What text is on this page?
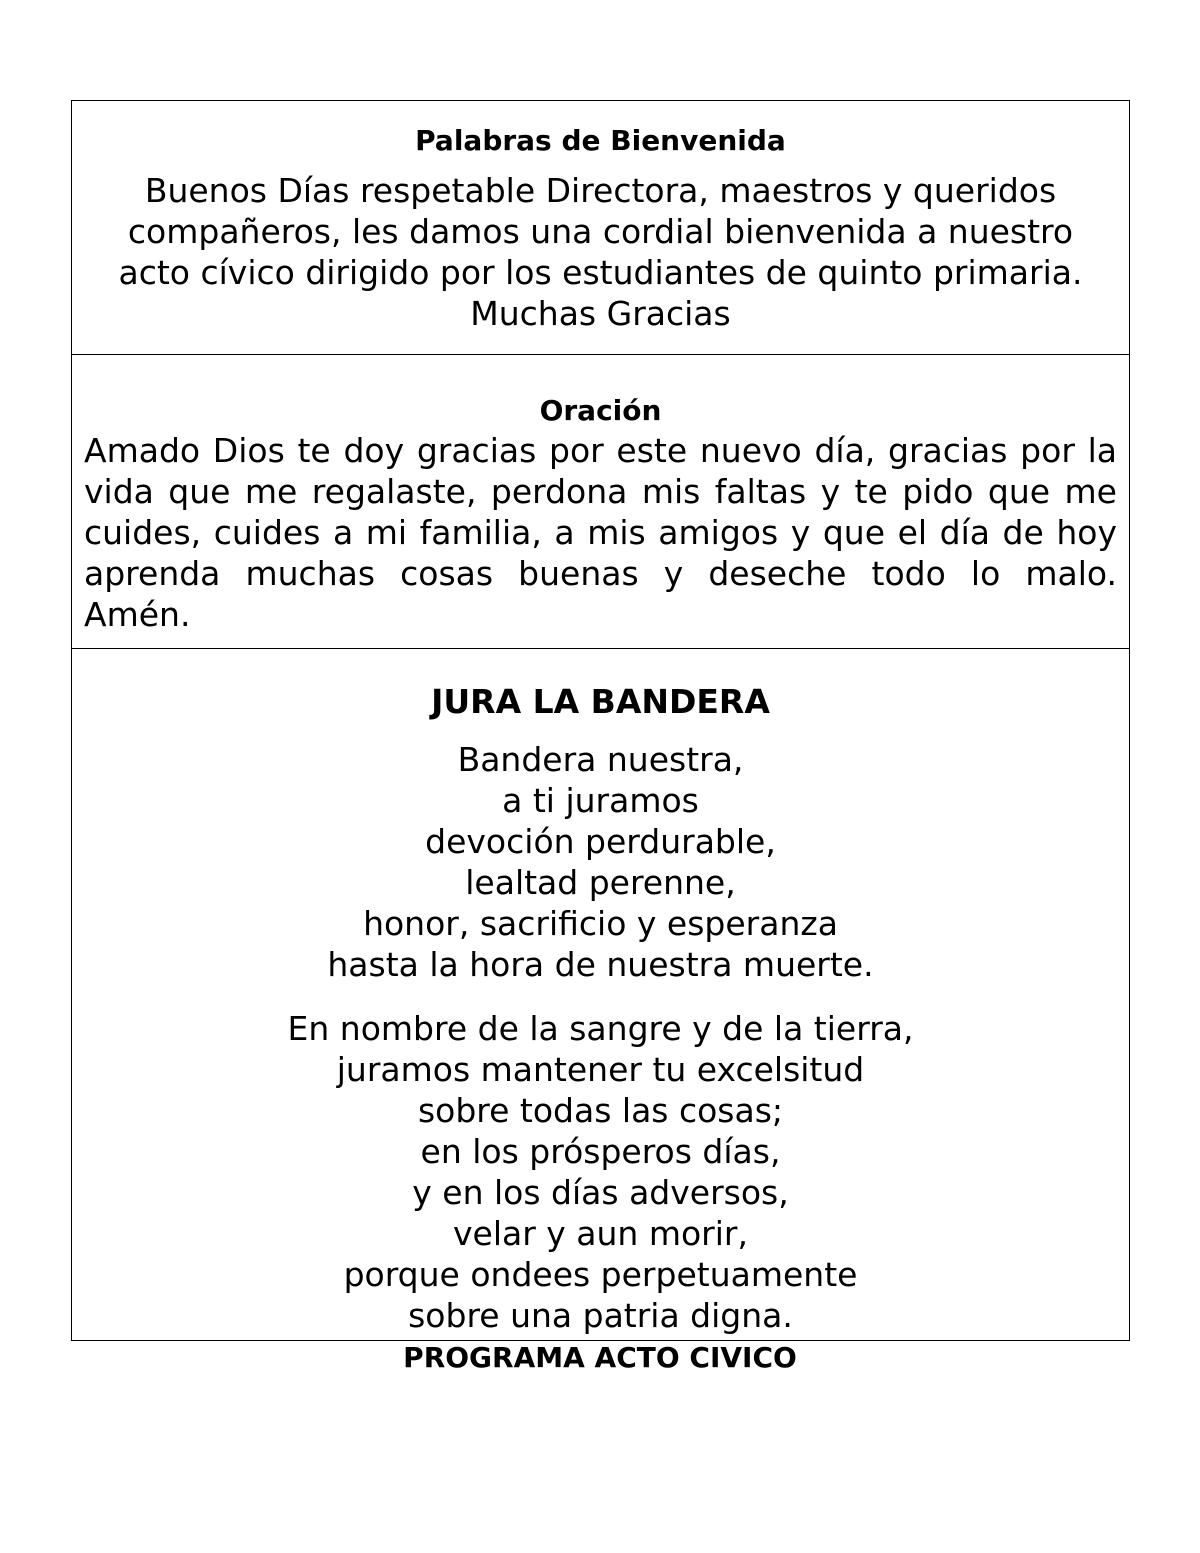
Palabras de Bienvenida
Buenos Días respetable Directora, maestros y queridos
compañeros, les damos una cordial bienvenida a nuestro
acto cívico dirigido por los estudiantes de quinto primaria.
Muchas Gracias

Oración
Amado Dios te doy gracias por este nuevo día, gracias por la vida que me regalaste, perdona mis faltas y te pido que me cuides, cuides a mi familia, a mis amigos y que el día de hoy aprenda muchas cosas buenas y deseche todo lo malo. Amén.

JURA LA BANDERA
Bandera nuestra,
a ti juramos
devoción perdurable,
lealtad perenne,
honor, sacrificio y esperanza
hasta la hora de nuestra muerte.
En nombre de la sangre y de la tierra,
juramos mantener tu excelsitud
sobre todas las cosas;
en los prósperos días,
y en los días adversos,
velar y aun morir,
porque ondees perpetuamente
sobre una patria digna.
PROGRAMA ACTO CIVICO
